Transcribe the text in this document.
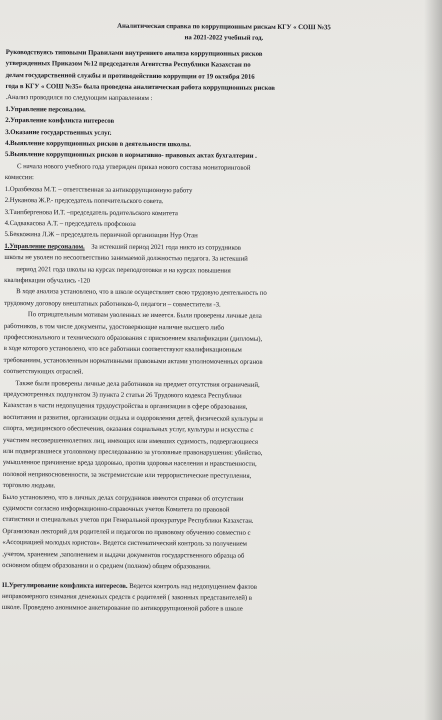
Аналитическая справка по коррупционным рискам КГУ « СОШ №35
на 2021-2022 учебный год.
Руководствуясь типовыми Правилами внутреннего анализа коррупционных рисков
утвержденных Приказом №12 председателя Агентства Республики Казахстан по
делам государственной службы и противодействию коррупции от 19 октября 2016
года в КГУ « СОШ №35» была проведена аналитическая работа коррупционных рисков
.Анализ проводился по следующим направлениям :
1.Управление персоналом.
2.Управление конфликта интересов
3.Оказание государственных услуг.
4.Выявление коррупционных рисков в деятельности школы.
5.Выявление коррупционных рисков в нормативно- правовых актах бухгалтерии .
С начала нового учебного года утвержден приказ нового состава мониторинговой
комиссии:
1.Оразбекова М.Т. – ответственная за антикоррупционную работу
2.Нуканова Ж.Р.- председатель попечительского совета.
3.Таипбергенова И.Т. –председатель родительского комитета
4.Садвакасова А.Т. – председатель профсоюза
5.Беккожина Л.Ж – председатель первичной организации Нур Отан
1.Управление персоналом. За истекший период 2021 года никто из сотрудников
школы не уволен по несоответствию занимаемой должностью педагога. За истекший
период 2021 года школы на курсах переподготовки и на курсах повышения
квалификации обучались -120
В ходе анализа установлено, что в школе осуществляет свою трудовую деятельность по
трудовому договору внештатных работников-0, педагоги – совместители -3.
По отрицательным мотивам уволенных не имеется. Были проверены личные дела
работников, в том числе документы, удостоверяющие наличие высшего либо
профессионального и технического образования с присвоением квалификации (дипломы),
в ходе которого установлено, что все работники соответствуют квалификационным
требованиям, установленным нормативными правовыми актами уполномоченных органов
соответствующих отраслей.
Также были проверены личные дела работников на предмет отсутствия ограничений,
предусмотренных подпунктом 3) пункта 2 статьи 26 Трудового кодекса Республики
Казахстан в части недопущения трудоустройства в организации в сфере образования,
воспитания и развития, организации отдыха и оздоровления детей, физической культуры и
спорта, медицинского обеспечения, оказания социальных услуг, культуры и искусства с
участием несовершеннолетних лиц, имеющих или имевших судимость, подвергающиеся
или подвергавшиеся уголовному преследованию за уголовные правонарушения: убийство,
умышленное причинение вреда здоровью, против здоровья населения и нравственности,
половой неприкосновенности, за экстремистские или террористические преступления,
торговлю людьми.
Было установлено, что в личных делах сотрудников имеются справки об отсутствии
судимости согласно информационно-справочных учетов Комитета по правовой
статистики и специальных учетов при Генеральной прокуратуре Республики Казахстан.
Организован лекторий для родителей и педагогов по правовому обучению совместно с
«Ассоциацией молодых юристов». Ведется систематический контроль за получением
,учетом, хранением ,заполнением и выдачи документов государственного образца об
основном общем образовании и о среднем (полном) общем образовании.
II.Урегулирование конфликта интересов. Ведется контроль над недопущением фактов
неправомерного взимания денежных средств с родителей ( законных представителей) в
школе. Проведено анонимное анкетирование по антикоррупционной работе в школе
